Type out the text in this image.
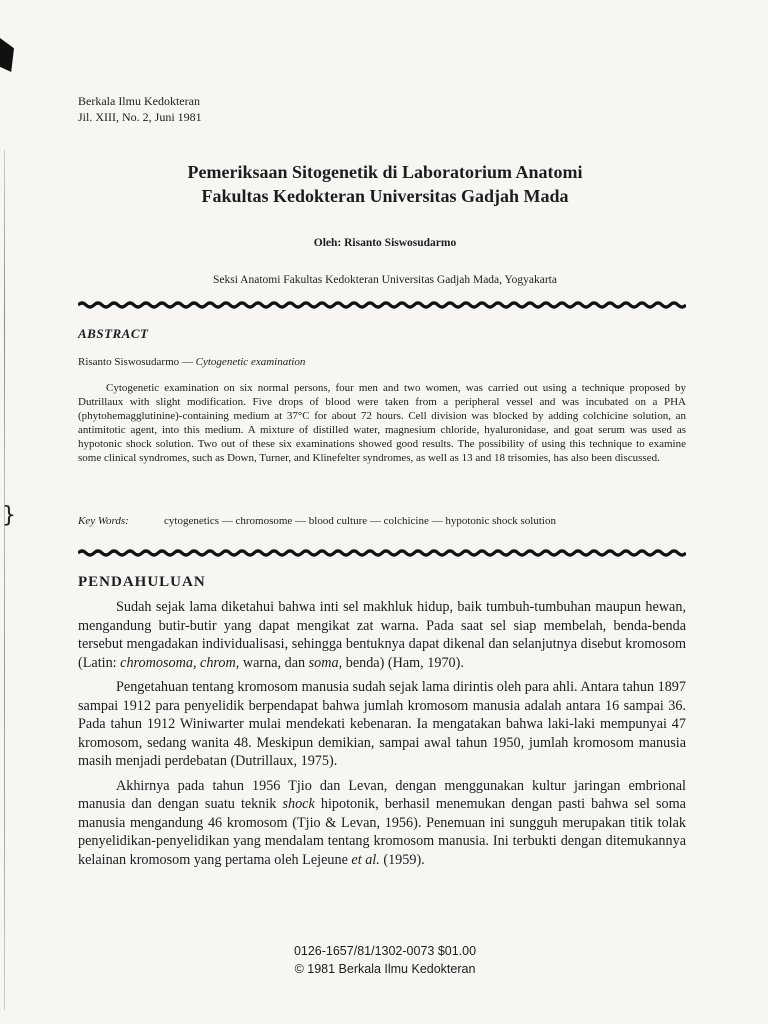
}
Berkala Ilmu Kedokteran
Jil. XIII, No. 2, Juni 1981
Pemeriksaan Sitogenetik di Laboratorium Anatomi
Fakultas Kedokteran Universitas Gadjah Mada
Oleh: Risanto Siswosudarmo
Seksi Anatomi Fakultas Kedokteran Universitas Gadjah Mada, Yogyakarta
ABSTRACT
Risanto Siswosudarmo — Cytogenetic examination
Cytogenetic examination on six normal persons, four men and two women, was carried out using a technique proposed by Dutrillaux with slight modification. Five drops of blood were taken from a peripheral vessel and was incubated on a PHA (phytohemagglutinine)-containing medium at 37°C for about 72 hours. Cell division was blocked by adding colchicine solution, an antimitotic agent, into this medium. A mixture of distilled water, magnesium chloride, hyaluronidase, and goat serum was used as hypotonic shock solution. Two out of these six examinations showed good results. The possibility of using this technique to examine some clinical syndromes, such as Down, Turner, and Klinefelter syndromes, as well as 13 and 18 trisomies, has also been discussed.
Key Words:	cytogenetics — chromosome — blood culture — colchicine — hypotonic shock solution
PENDAHULUAN

Sudah sejak lama diketahui bahwa inti sel makhluk hidup, baik tumbuh-tumbuhan maupun hewan, mengandung butir-butir yang dapat mengikat zat warna. Pada saat sel siap membelah, benda-benda tersebut mengadakan individualisasi, sehingga bentuknya dapat dikenal dan selanjutnya disebut kromosom (Latin: chromosoma, chrom, warna, dan soma, benda) (Ham, 1970).

Pengetahuan tentang kromosom manusia sudah sejak lama dirintis oleh para ahli. Antara tahun 1897 sampai 1912 para penyelidik berpendapat bahwa jumlah kromosom manusia adalah antara 16 sampai 36. Pada tahun 1912 Winiwarter mulai mendekati kebenaran. Ia mengatakan bahwa laki-laki mempunyai 47 kromosom, sedang wanita 48. Meskipun demikian, sampai awal tahun 1950, jumlah kromosom manusia masih menjadi perdebatan (Dutrillaux, 1975).

Akhirnya pada tahun 1956 Tjio dan Levan, dengan menggunakan kultur jaringan embrional manusia dan dengan suatu teknik shock hipotonik, berhasil menemukan dengan pasti bahwa sel soma manusia mengandung 46 kromosom (Tjio & Levan, 1956). Penemuan ini sungguh merupakan titik tolak penyelidikan-penyelidikan yang mendalam tentang kromosom manusia. Ini terbukti dengan ditemukannya kelainan kromosom yang pertama oleh Lejeune et al. (1959).

0126-1657/81/1302-0073 $01.00
© 1981 Berkala Ilmu Kedokteran
